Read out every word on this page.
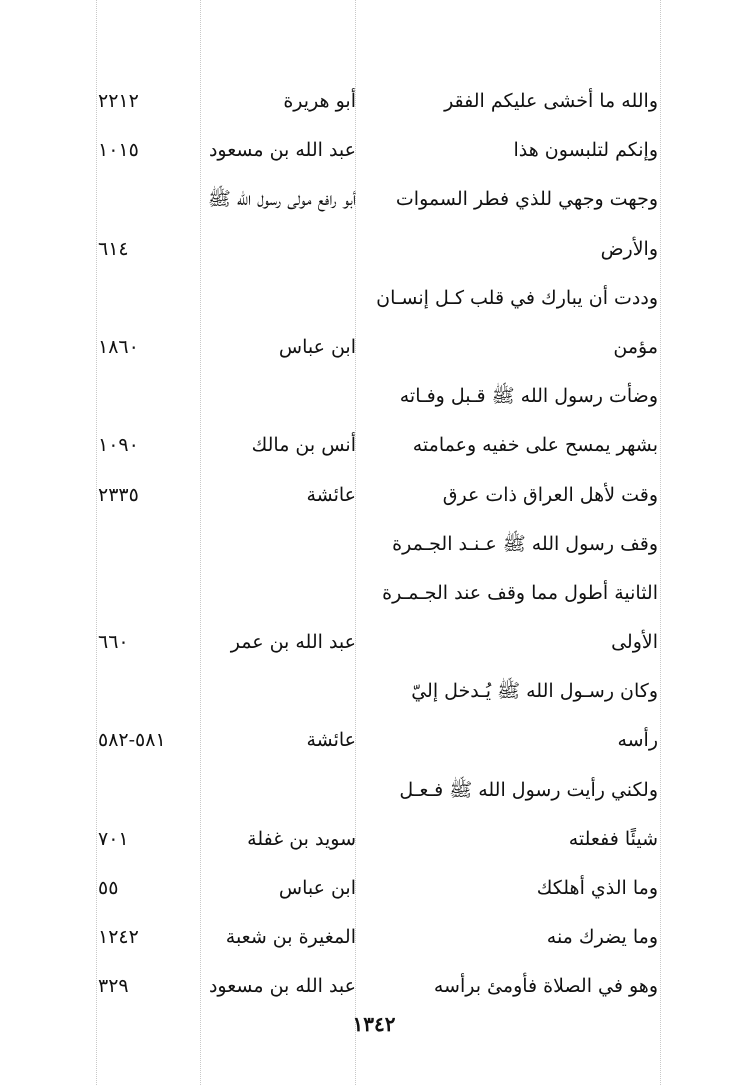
والله ما أخشى عليكم الفقر
أبو هريرة
٢٢١٢
وإنكم لتلبسون هذا
عبد الله بن مسعود
١٠١٥
وجهت وجهي للذي فطر السموات
أبو رافع مولى رسول الله ﷺ
والأرض
٦١٤
وددت أن يبارك في قلب كـل إنسـان
مؤمن
ابن عباس
١٨٦٠
وضأت رسول الله ﷺ قـبل وفـاته
بشهر يمسح على خفيه وعمامته
أنس بن مالك
١٠٩٠
وقت لأهل العراق ذات عرق
عائشة
٢٣٣٥
وقف رسول الله ﷺ عـنـد الجـمرة
الثانية أطول مما وقف عند الجـمـرة
الأولى
عبد الله بن عمر
٦٦٠
وكان رسـول الله ﷺ يُـدخل إليّ
رأسه
عائشة
٥٨١-٥٨٢
ولكني رأيت رسول الله ﷺ فـعـل
شيئًا ففعلته
سويد بن غفلة
٧٠١
وما الذي أهلكك
ابن عباس
٥٥
وما يضرك منه
المغيرة بن شعبة
١٢٤٢
وهو في الصلاة فأومئ برأسه
عبد الله بن مسعود
٣٢٩
١٣٤٢
